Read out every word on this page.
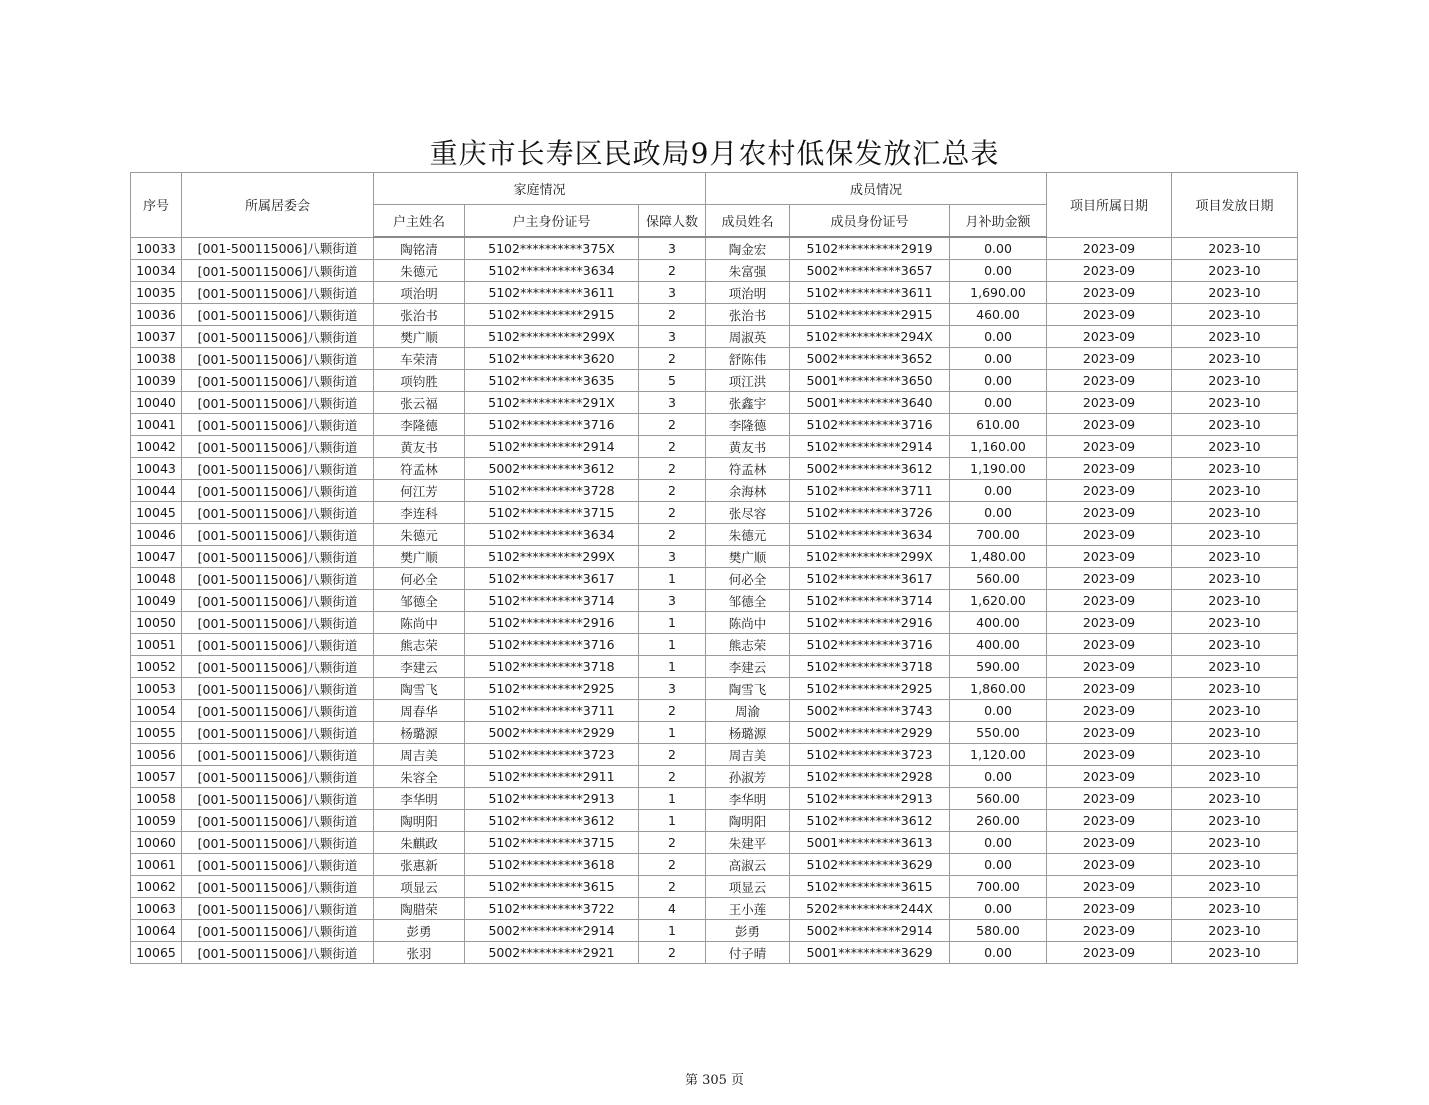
重庆市长寿区民政局9月农村低保发放汇总表
序号	所属居委会	家庭情况			成员情况			项目所属日期	项目发放日期
		户主姓名	户主身份证号	保障人数	成员姓名	成员身份证号	月补助金额		
10033	[001-500115006]八颗街道	陶铭清	5102**********375X	3	陶金宏	5102**********2919	0.00	2023-09	2023-10
10034	[001-500115006]八颗街道	朱德元	5102**********3634	2	朱富强	5002**********3657	0.00	2023-09	2023-10
10035	[001-500115006]八颗街道	项治明	5102**********3611	3	项治明	5102**********3611	1,690.00	2023-09	2023-10
10036	[001-500115006]八颗街道	张治书	5102**********2915	2	张治书	5102**********2915	460.00	2023-09	2023-10
10037	[001-500115006]八颗街道	樊广顺	5102**********299X	3	周淑英	5102**********294X	0.00	2023-09	2023-10
10038	[001-500115006]八颗街道	车荣清	5102**********3620	2	舒陈伟	5002**********3652	0.00	2023-09	2023-10
10039	[001-500115006]八颗街道	项钧胜	5102**********3635	5	项江洪	5001**********3650	0.00	2023-09	2023-10
10040	[001-500115006]八颗街道	张云福	5102**********291X	3	张鑫宇	5001**********3640	0.00	2023-09	2023-10
10041	[001-500115006]八颗街道	李隆德	5102**********3716	2	李隆德	5102**********3716	610.00	2023-09	2023-10
10042	[001-500115006]八颗街道	黄友书	5102**********2914	2	黄友书	5102**********2914	1,160.00	2023-09	2023-10
10043	[001-500115006]八颗街道	符孟林	5002**********3612	2	符孟林	5002**********3612	1,190.00	2023-09	2023-10
10044	[001-500115006]八颗街道	何江芳	5102**********3728	2	余海林	5102**********3711	0.00	2023-09	2023-10
10045	[001-500115006]八颗街道	李连科	5102**********3715	2	张尽容	5102**********3726	0.00	2023-09	2023-10
10046	[001-500115006]八颗街道	朱德元	5102**********3634	2	朱德元	5102**********3634	700.00	2023-09	2023-10
10047	[001-500115006]八颗街道	樊广顺	5102**********299X	3	樊广顺	5102**********299X	1,480.00	2023-09	2023-10
10048	[001-500115006]八颗街道	何必全	5102**********3617	1	何必全	5102**********3617	560.00	2023-09	2023-10
10049	[001-500115006]八颗街道	邹德全	5102**********3714	3	邹德全	5102**********3714	1,620.00	2023-09	2023-10
10050	[001-500115006]八颗街道	陈尚中	5102**********2916	1	陈尚中	5102**********2916	400.00	2023-09	2023-10
10051	[001-500115006]八颗街道	熊志荣	5102**********3716	1	熊志荣	5102**********3716	400.00	2023-09	2023-10
10052	[001-500115006]八颗街道	李建云	5102**********3718	1	李建云	5102**********3718	590.00	2023-09	2023-10
10053	[001-500115006]八颗街道	陶雪飞	5102**********2925	3	陶雪飞	5102**********2925	1,860.00	2023-09	2023-10
10054	[001-500115006]八颗街道	周春华	5102**********3711	2	周渝	5002**********3743	0.00	2023-09	2023-10
10055	[001-500115006]八颗街道	杨璐源	5002**********2929	1	杨璐源	5002**********2929	550.00	2023-09	2023-10
10056	[001-500115006]八颗街道	周吉美	5102**********3723	2	周吉美	5102**********3723	1,120.00	2023-09	2023-10
10057	[001-500115006]八颗街道	朱容全	5102**********2911	2	孙淑芳	5102**********2928	0.00	2023-09	2023-10
10058	[001-500115006]八颗街道	李华明	5102**********2913	1	李华明	5102**********2913	560.00	2023-09	2023-10
10059	[001-500115006]八颗街道	陶明阳	5102**********3612	1	陶明阳	5102**********3612	260.00	2023-09	2023-10
10060	[001-500115006]八颗街道	朱麒政	5102**********3715	2	朱建平	5001**********3613	0.00	2023-09	2023-10
10061	[001-500115006]八颗街道	张惠新	5102**********3618	2	高淑云	5102**********3629	0.00	2023-09	2023-10
10062	[001-500115006]八颗街道	项显云	5102**********3615	2	项显云	5102**********3615	700.00	2023-09	2023-10
10063	[001-500115006]八颗街道	陶腊荣	5102**********3722	4	王小莲	5202**********244X	0.00	2023-09	2023-10
10064	[001-500115006]八颗街道	彭勇	5002**********2914	1	彭勇	5002**********2914	580.00	2023-09	2023-10
10065	[001-500115006]八颗街道	张羽	5002**********2921	2	付子晴	5001**********3629	0.00	2023-09	2023-10
第 305 页
